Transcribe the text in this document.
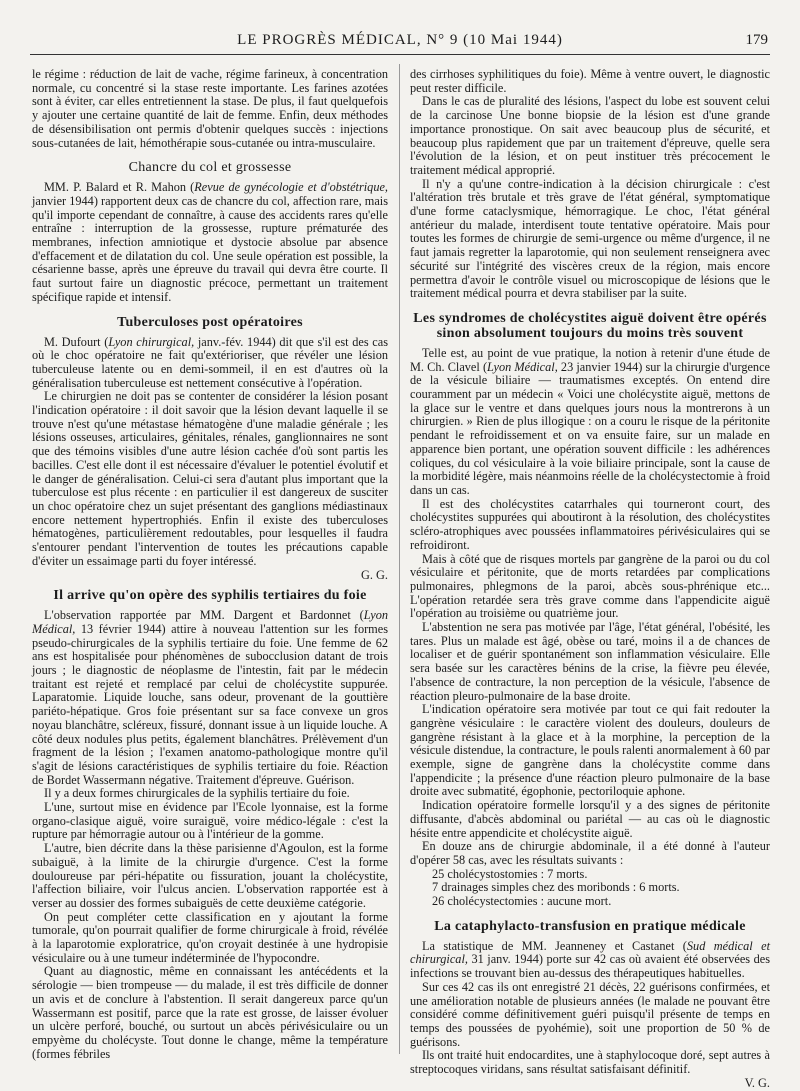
LE PROGRÈS MÉDICAL, N° 9 (10 Mai 1944)	179

le régime : réduction de lait de vache, régime farineux, à concentration normale, cu concentré si la stase reste importante. Les farines azotées sont à éviter, car elles entretiennent la stase. De plus, il faut quelquefois y ajouter une certaine quantité de lait de femme. Enfin, deux méthodes de désensibilisation ont permis d'obtenir quelques succès : injections sous-cutanées de lait, hémothérapie sous-cutanée ou intra-musculaire.

Chancre du col et grossesse

MM. P. Balard et R. Mahon (Revue de gynécologie et d'obstétrique, janvier 1944) rapportent deux cas de chancre du col, affection rare, mais qu'il importe cependant de connaître, à cause des accidents rares qu'elle entraîne : interruption de la grossesse, rupture prématurée des membranes, infection amniotique et dystocie absolue par absence d'effacement et de dilatation du col. Une seule opération est possible, la césarienne basse, après une épreuve du travail qui devra être courte. Il faut surtout faire un diagnostic précoce, permettant un traitement spécifique rapide et intensif.

Tuberculoses post opératoires

M. Dufourt (Lyon chirurgical, janv.-fév. 1944) dit que s'il est des cas où le choc opératoire ne fait qu'extérioriser, que révéler une lésion tuberculeuse latente ou en demi-sommeil, il en est d'autres où la généralisation tuberculeuse est nettement consécutive à l'opération.

Le chirurgien ne doit pas se contenter de considérer la lésion posant l'indication opératoire : il doit savoir que la lésion devant laquelle il se trouve n'est qu'une métastase hématogène d'une maladie générale ; les lésions osseuses, articulaires, génitales, rénales, ganglionnaires ne sont que des témoins visibles d'une autre lésion cachée d'où sont partis les bacilles. C'est elle dont il est nécessaire d'évaluer le potentiel évolutif et le danger de généralisation. Celui-ci sera d'autant plus important que la tuberculose est plus récente : en particulier il est dangereux de susciter un choc opératoire chez un sujet présentant des ganglions médiastinaux encore nettement hypertrophiés. Enfin il existe des tuberculoses hématogènes, particulièrement redoutables, pour lesquelles il faudra s'entourer pendant l'intervention de toutes les précautions capable d'éviter un essaimage parti du foyer intéressé.

G. G.

Il arrive qu'on opère des syphilis tertiaires du foie

L'observation rapportée par MM. Dargent et Bardonnet (Lyon Médical, 13 février 1944) attire à nouveau l'attention sur les formes pseudo-chirurgicales de la syphilis tertiaire du foie. Une femme de 62 ans est hospitalisée pour phénomènes de subocclusion datant de trois jours ; le diagnostic de néoplasme de l'intestin, fait par le médecin traitant est rejeté et remplacé par celui de cholécystite suppurée. Laparatomie. Liquide louche, sans odeur, provenant de la gouttière pariéto-hépatique. Gros foie présentant sur sa face convexe un gros noyau blanchâtre, scléreux, fissuré, donnant issue à un liquide louche. A côté deux nodules plus petits, également blanchâtres. Prélèvement d'un fragment de la lésion ; l'examen anatomo-pathologique montre qu'il s'agit de lésions caractéristiques de syphilis tertiaire du foie. Réaction de Bordet Wassermann négative. Traitement d'épreuve. Guérison.

Il y a deux formes chirurgicales de la syphilis tertiaire du foie.

L'une, surtout mise en évidence par l'Ecole lyonnaise, est la forme organo-clasique aiguë, voire suraiguë, voire médico-légale : c'est la rupture par hémorragie autour ou à l'intérieur de la gomme.

L'autre, bien décrite dans la thèse parisienne d'Agoulon, est la forme subaiguë, à la limite de la chirurgie d'urgence. C'est la forme douloureuse par péri-hépatite ou fissuration, jouant la cholécystite, l'affection biliaire, voir l'ulcus ancien. L'observation rapportée est à verser au dossier des formes subaiguës de cette deuxième catégorie.

On peut compléter cette classification en y ajoutant la forme tumorale, qu'on pourrait qualifier de forme chirurgicale à froid, révélée à la laparotomie exploratrice, qu'on croyait destinée à une hydropisie vésiculaire ou à une tumeur indéterminée de l'hypocondre.

Quant au diagnostic, même en connaissant les antécédents et la sérologie — bien trompeuse — du malade, il est très difficile de donner un avis et de conclure à l'abstention. Il serait dangereux parce qu'un Wassermann est positif, parce que la rate est grosse, de laisser évoluer un ulcère perforé, bouché, ou surtout un abcès périvésiculaire ou un empyème du cholécyste. Tout donne le change, même la température (formes fébriles

des cirrhoses syphilitiques du foie). Même à ventre ouvert, le diagnostic peut rester difficile.

Dans le cas de pluralité des lésions, l'aspect du lobe est souvent celui de la carcinose Une bonne biopsie de la lésion est d'une grande importance pronostique. On sait avec beaucoup plus de sécurité, et beaucoup plus rapidement que par un traitement d'épreuve, quelle sera l'évolution de la lésion, et on peut instituer très précocement le traitement médical approprié.

Il n'y a qu'une contre-indication à la décision chirurgicale : c'est l'altération très brutale et très grave de l'état général, symptomatique d'une forme cataclysmique, hémorragique. Le choc, l'état général antérieur du malade, interdisent toute tentative opératoire. Mais pour toutes les formes de chirurgie de semi-urgence ou même d'urgence, il ne faut jamais regretter la laparotomie, qui non seulement renseignera avec sécurité sur l'intégrité des viscères creux de la région, mais encore permettra d'avoir le contrôle visuel ou microscopique de lésions que le traitement médical pourra et devra stabiliser par la suite.

Les syndromes de cholécystites aiguë doivent être opérés sinon absolument toujours du moins très souvent

Telle est, au point de vue pratique, la notion à retenir d'une étude de M. Ch. Clavel (Lyon Médical, 23 janvier 1944) sur la chirurgie d'urgence de la vésicule biliaire — traumatismes exceptés. On entend dire couramment par un médecin « Voici une cholécystite aiguë, mettons de la glace sur le ventre et dans quelques jours nous la montrerons à un chirurgien. » Rien de plus illogique : on a couru le risque de la péritonite pendant le refroidissement et on va ensuite faire, sur un malade en apparence bien portant, une opération souvent difficile : les adhérences coliques, du col vésiculaire à la voie biliaire principale, sont la cause de la morbidité légère, mais néanmoins réelle de la cholécystectomie à froid dans un cas.

Il est des cholécystites catarrhales qui tourneront court, des cholécystites suppurées qui aboutiront à la résolution, des cholécystites scléro-atrophiques avec poussées inflammatoires périvésiculaires qui se refroidiront.

Mais à côté que de risques mortels par gangrène de la paroi ou du col vésiculaire et péritonite, que de morts retardées par complications pulmonaires, phlegmons de la paroi, abcès sous-phrénique etc... L'opération retardée sera très grave comme dans l'appendicite aiguë l'opération au troisième ou quatrième jour.

L'abstention ne sera pas motivée par l'âge, l'état général, l'obésité, les tares. Plus un malade est âgé, obèse ou taré, moins il a de chances de localiser et de guérir spontanément son inflammation vésiculaire. Elle sera basée sur les caractères bénins de la crise, la fièvre peu élevée, l'absence de contracture, la non perception de la vésicule, l'absence de réaction pleuro-pulmonaire de la base droite.

L'indication opératoire sera motivée par tout ce qui fait redouter la gangrène vésiculaire : le caractère violent des douleurs, douleurs de gangrène résistant à la glace et à la morphine, la perception de la vésicule distendue, la contracture, le pouls ralenti anormalement à 60 par exemple, signe de gangrène dans la cholécystite comme dans l'appendicite ; la présence d'une réaction pleuro pulmonaire de la base droite avec submatité, égophonie, pectoriloquie aphone.

Indication opératoire formelle lorsqu'il y a des signes de péritonite diffusante, d'abcès abdominal ou pariétal — au cas où le diagnostic hésite entre appendicite et cholécystite aiguë.

En douze ans de chirurgie abdominale, il a été donné à l'auteur d'opérer 58 cas, avec les résultats suivants :

25 cholécystostomies : 7 morts.

7 drainages simples chez des moribonds : 6 morts.

26 cholécystectomies : aucune mort.

La cataphylacto-transfusion en pratique médicale

La statistique de MM. Jeanneney et Castanet (Sud médical et chirurgical, 31 janv. 1944) porte sur 42 cas où avaient été observées des infections se trouvant bien au-dessus des thérapeutiques habituelles.

Sur ces 42 cas ils ont enregistré 21 décès, 22 guérisons confirmées, et une amélioration notable de plusieurs années (le malade ne pouvant être considéré comme définitivement guéri puisqu'il présente de temps en temps des poussées de pyohémie), soit une proportion de 50 % de guérisons.

Ils ont traité huit endocardites, une à staphylocoque doré, sept autres à streptocoques viridans, sans résultat satisfaisant définitif.

V. G.
